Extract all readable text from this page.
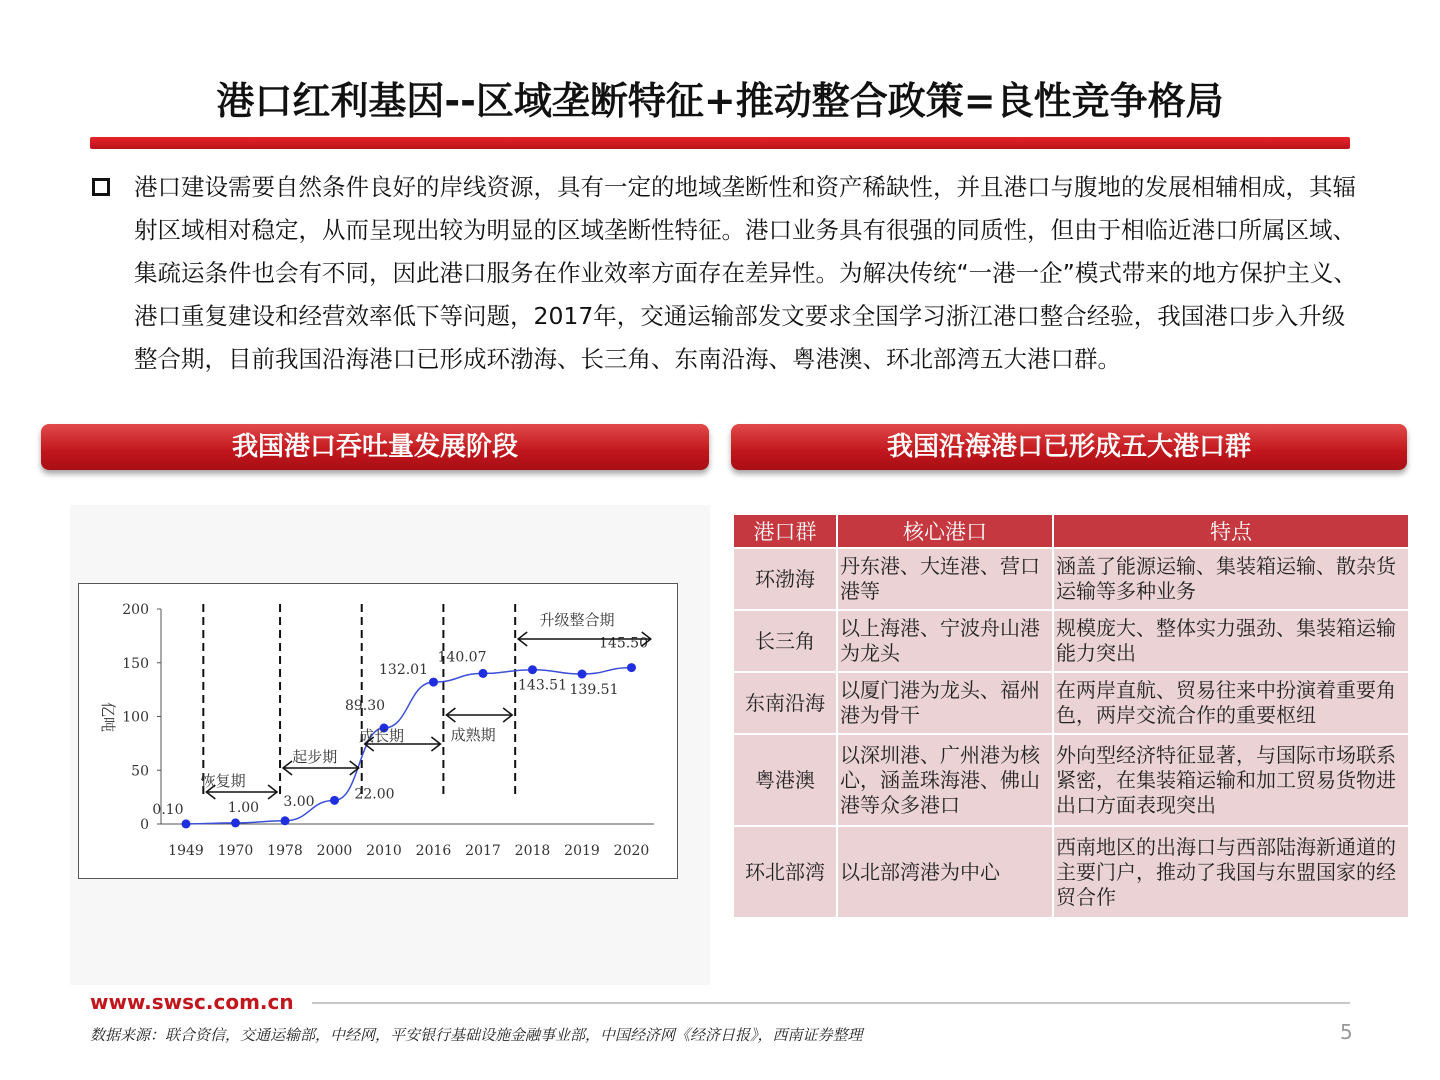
港口红利基因--区域垄断特征+推动整合政策=良性竞争格局
港口建设需要自然条件良好的岸线资源，具有一定的地域垄断性和资产稀缺性，并且港口与腹地的发展相辅相成，其辐射区域相对稳定，从而呈现出较为明显的区域垄断性特征。港口业务具有很强的同质性，但由于相临近港口所属区域、集疏运条件也会有不同，因此港口服务在作业效率方面存在差异性。为解决传统“一港一企”模式带来的地方保护主义、港口重复建设和经营效率低下等问题，2017年，交通运输部发文要求全国学习浙江港口整合经验，我国港口步入升级整合期，目前我国沿海港口已形成环渤海、长三角、东南沿海、粤港澳、环北部湾五大港口群。
我国港口吞吐量发展阶段	我国沿海港口已形成五大港口群
0
50
100
150
200
亿吨
1949 1970 1978 2000 2010 2016 2017 2018 2019 2020
0.10	1.00 3.00	22.00
89.30
132.01
140.07
143.51 139.51
145.50
恢复期
起步期
成长期	成熟期
升级整合期
港口群	核心港口	特点
环渤海	丹东港、大连港、营口港等	涵盖了能源运输、集装箱运输、散杂货运输等多种业务
长三角	以上海港、宁波舟山港为龙头	规模庞大、整体实力强劲、集装箱运输能力突出
东南沿海	以厦门港为龙头、福州港为骨干	在两岸直航、贸易往来中扮演着重要角色，两岸交流合作的重要枢纽
粤港澳	以深圳港、广州港为核心，涵盖珠海港、佛山港等众多港口	外向型经济特征显著，与国际市场联系紧密，在集装箱运输和加工贸易货物进出口方面表现突出
环北部湾	以北部湾港为中心	西南地区的出海口与西部陆海新通道的主要门户，推动了我国与东盟国家的经贸合作
www.swsc.com.cn
数据来源：联合资信，交通运输部，中经网，平安银行基础设施金融事业部，中国经济网《经济日报》，西南证券整理	5
